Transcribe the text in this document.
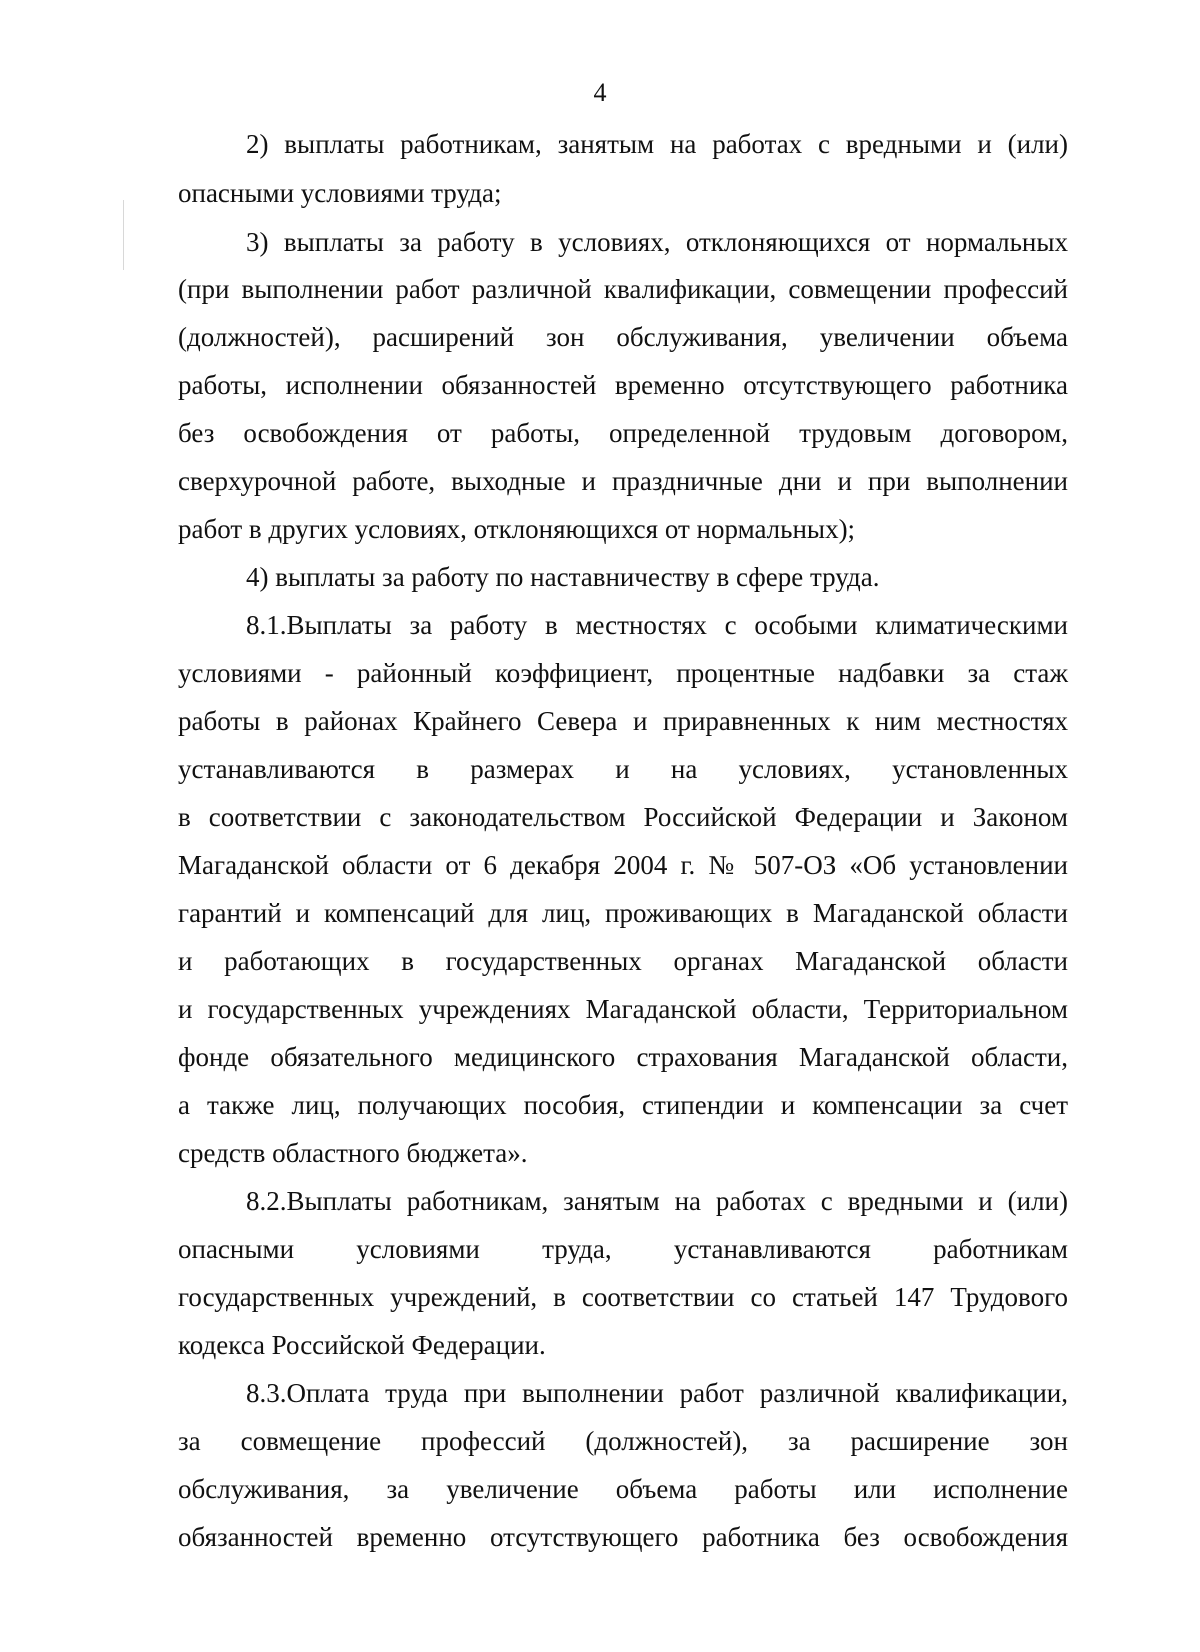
4
2) выплаты работникам, занятым на работах с вредными и (или)
опасными условиями труда;
3) выплаты за работу в условиях, отклоняющихся от нормальных
(при выполнении работ различной квалификации, совмещении профессий
(должностей), расширений зон обслуживания, увеличении объема
работы, исполнении обязанностей временно отсутствующего работника
без освобождения от работы, определенной трудовым договором,
сверхурочной работе, выходные и праздничные дни и при выполнении
работ в других условиях, отклоняющихся от нормальных);
4) выплаты за работу по наставничеству в сфере труда.
8.1.Выплаты за работу в местностях с особыми климатическими
условиями - районный коэффициент, процентные надбавки за стаж
работы в районах Крайнего Севера и приравненных к ним местностях
устанавливаются в размерах и на условиях, установленных
в соответствии с законодательством Российской Федерации и Законом
Магаданской области от 6 декабря 2004 г. № 507-ОЗ «Об установлении
гарантий и компенсаций для лиц, проживающих в Магаданской области
и работающих в государственных органах Магаданской области
и государственных учреждениях Магаданской области, Территориальном
фонде обязательного медицинского страхования Магаданской области,
а также лиц, получающих пособия, стипендии и компенсации за счет
средств областного бюджета».
8.2.Выплаты работникам, занятым на работах с вредными и (или)
опасными условиями труда, устанавливаются работникам
государственных учреждений, в соответствии со статьей 147 Трудового
кодекса Российской Федерации.
8.3.Оплата труда при выполнении работ различной квалификации,
за совмещение профессий (должностей), за расширение зон
обслуживания, за увеличение объема работы или исполнение
обязанностей временно отсутствующего работника без освобождения
